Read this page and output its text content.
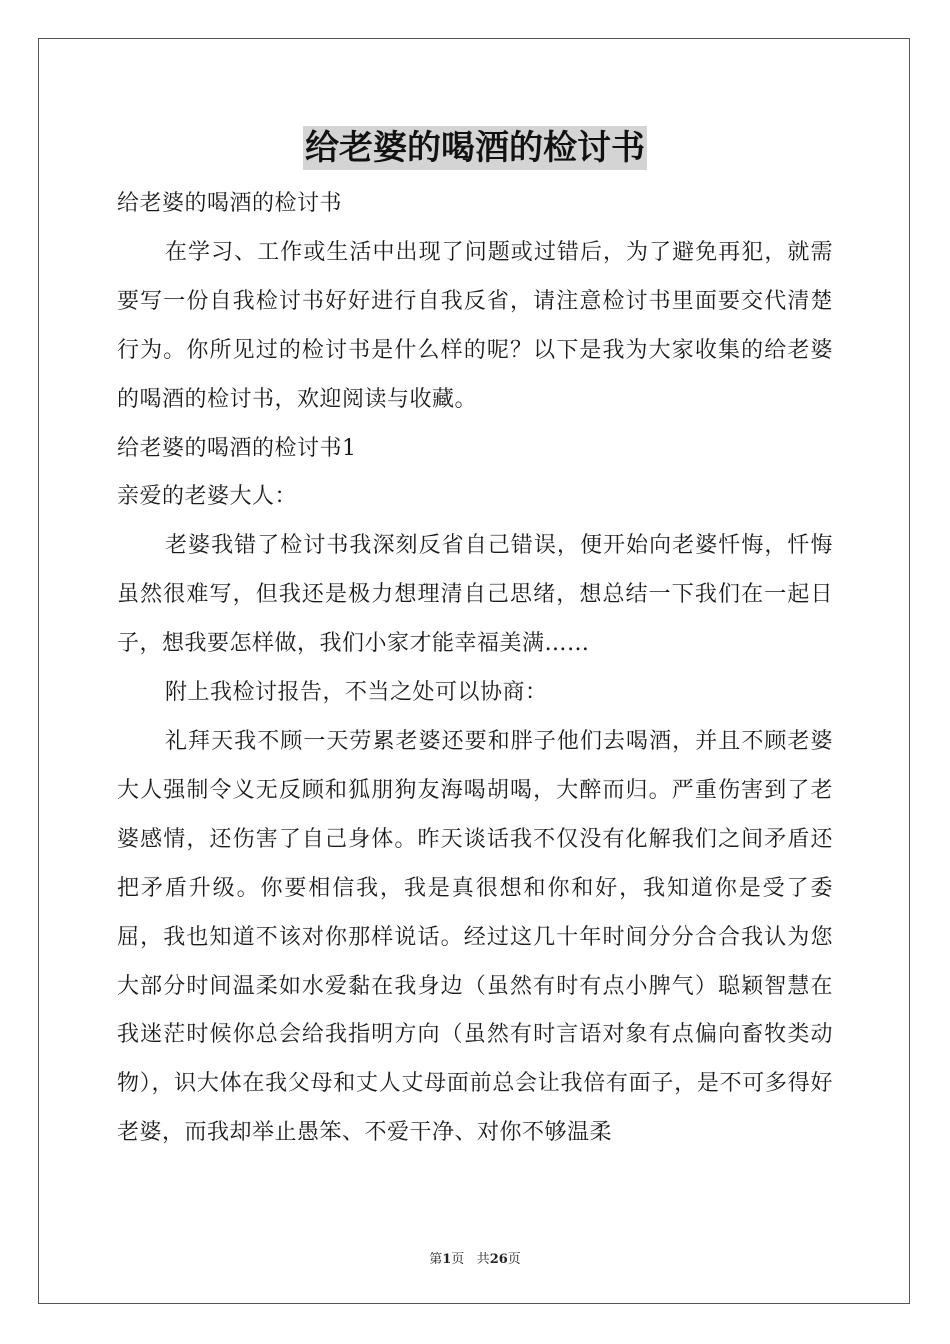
给老婆的喝酒的检讨书

给老婆的喝酒的检讨书

在学习、工作或生活中出现了问题或过错后，为了避免再犯，就需要写一份自我检讨书好好进行自我反省，请注意检讨书里面要交代清楚行为。你所见过的检讨书是什么样的呢？以下是我为大家收集的给老婆的喝酒的检讨书，欢迎阅读与收藏。

给老婆的喝酒的检讨书1

亲爱的老婆大人：

老婆我错了检讨书我深刻反省自己错误，便开始向老婆忏悔，忏悔虽然很难写，但我还是极力想理清自己思绪，想总结一下我们在一起日子，想我要怎样做，我们小家才能幸福美满……

附上我检讨报告，不当之处可以协商：

礼拜天我不顾一天劳累老婆还要和胖子他们去喝酒，并且不顾老婆大人强制令义无反顾和狐朋狗友海喝胡喝，大醉而归。严重伤害到了老婆感情，还伤害了自己身体。昨天谈话我不仅没有化解我们之间矛盾还把矛盾升级。你要相信我，我是真很想和你和好，我知道你是受了委屈，我也知道不该对你那样说话。经过这几十年时间分分合合我认为您大部分时间温柔如水爱黏在我身边（虽然有时有点小脾气）聪颖智慧在我迷茫时候你总会给我指明方向（虽然有时言语对象有点偏向畜牧类动物），识大体在我父母和丈人丈母面前总会让我倍有面子，是不可多得好老婆，而我却举止愚笨、不爱干净、对你不够温柔

第1页 共26页
